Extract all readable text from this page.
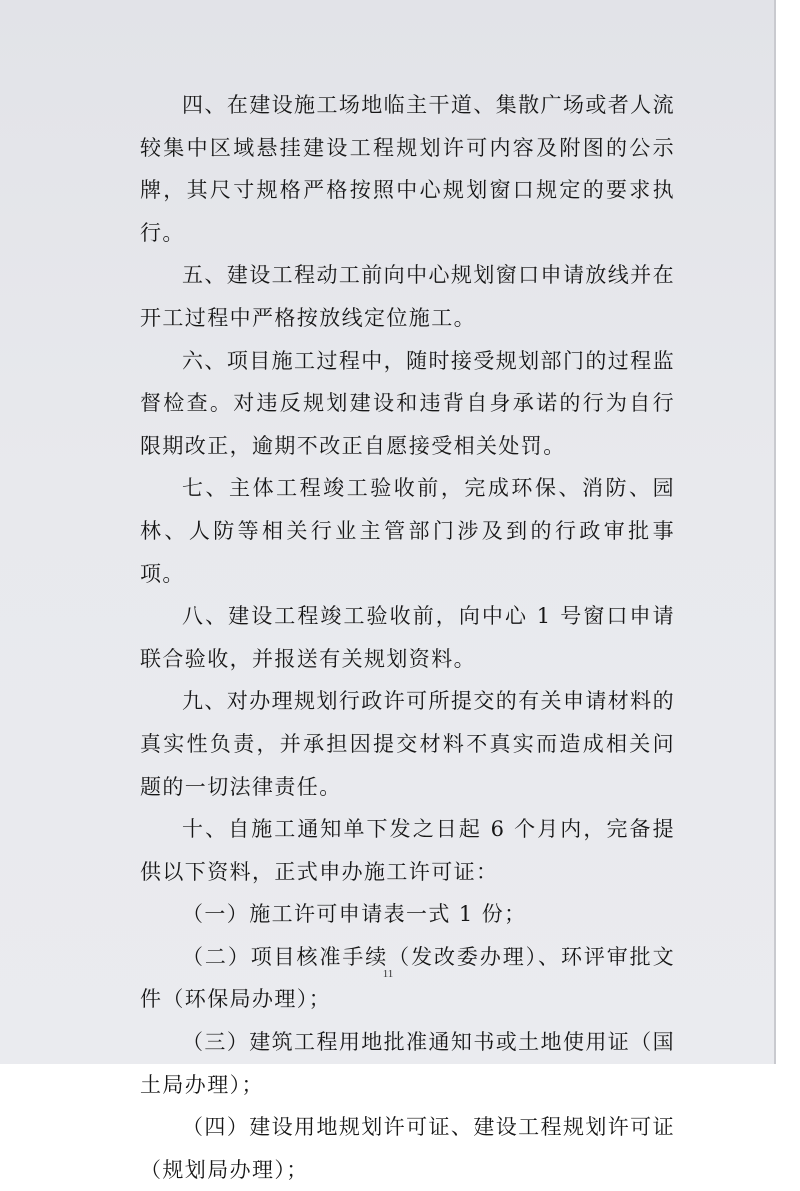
四、在建设施工场地临主干道、集散广场或者人流较集中区域悬挂建设工程规划许可内容及附图的公示牌，其尺寸规格严格按照中心规划窗口规定的要求执行。

五、建设工程动工前向中心规划窗口申请放线并在开工过程中严格按放线定位施工。

六、项目施工过程中，随时接受规划部门的过程监督检查。对违反规划建设和违背自身承诺的行为自行限期改正，逾期不改正自愿接受相关处罚。

七、主体工程竣工验收前，完成环保、消防、园林、人防等相关行业主管部门涉及到的行政审批事项。

八、建设工程竣工验收前，向中心 1 号窗口申请联合验收，并报送有关规划资料。

九、对办理规划行政许可所提交的有关申请材料的真实性负责，并承担因提交材料不真实而造成相关问题的一切法律责任。

十、自施工通知单下发之日起 6 个月内，完备提供以下资料，正式申办施工许可证：

（一）施工许可申请表一式 1 份；

（二）项目核准手续（发改委办理）、环评审批文件（环保局办理）；

（三）建筑工程用地批准通知书或土地使用证（国土局办理）；

（四）建设用地规划许可证、建设工程规划许可证（规划局办理）；

11
